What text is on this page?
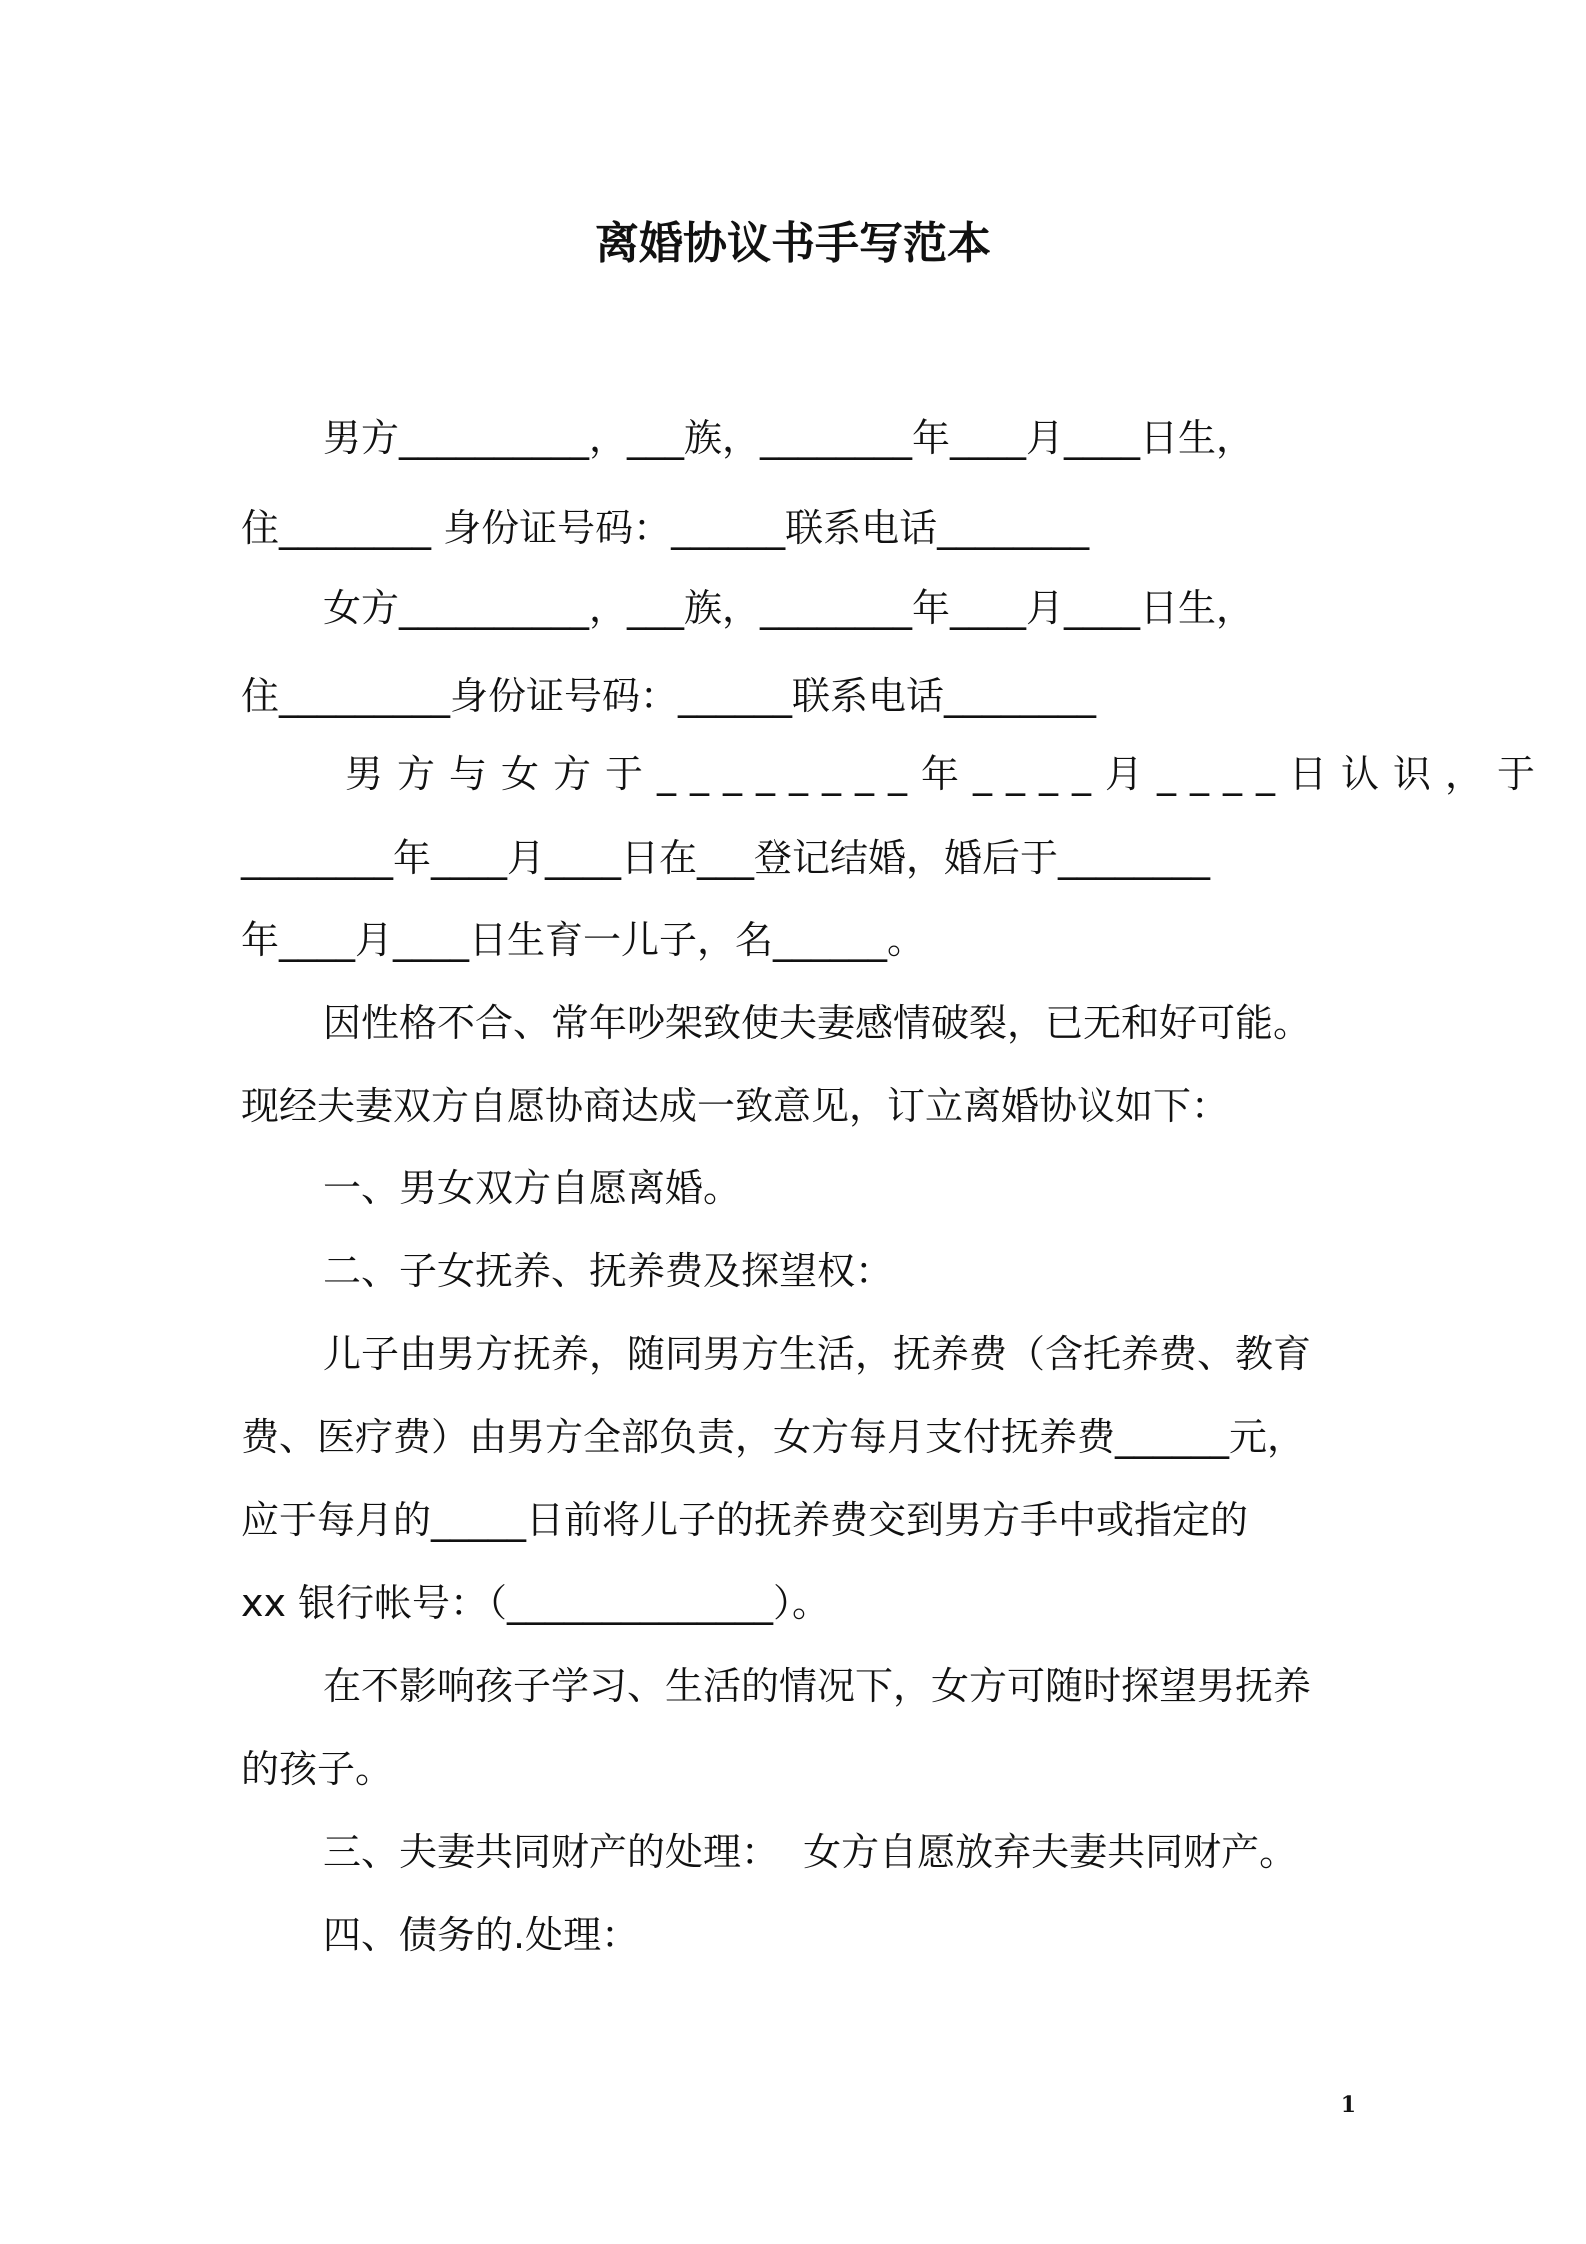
离婚协议书手写范本
男方__________，___族，________年____月____日生，
住________ 身份证号码：______联系电话________
女方__________，___族，________年____月____日生，
住_________身份证号码：______联系电话________
男方与女方于________年____月____日认识，于
________年____月____日在___登记结婚，婚后于________
年____月____日生育一儿子，名______。
因性格不合、常年吵架致使夫妻感情破裂，已无和好可能。
现经夫妻双方自愿协商达成一致意见，订立离婚协议如下：
一、男女双方自愿离婚。
二、子女抚养、抚养费及探望权：
儿子由男方抚养，随同男方生活，抚养费（含托养费、教育
费、医疗费）由男方全部负责，女方每月支付抚养费______元，
应于每月的_____日前将儿子的抚养费交到男方手中或指定的
xx 银行帐号：（______________）。
在不影响孩子学习、生活的情况下，女方可随时探望男抚养
的孩子。
三、夫妻共同财产的处理：  女方自愿放弃夫妻共同财产。
四、债务的.处理：
1
